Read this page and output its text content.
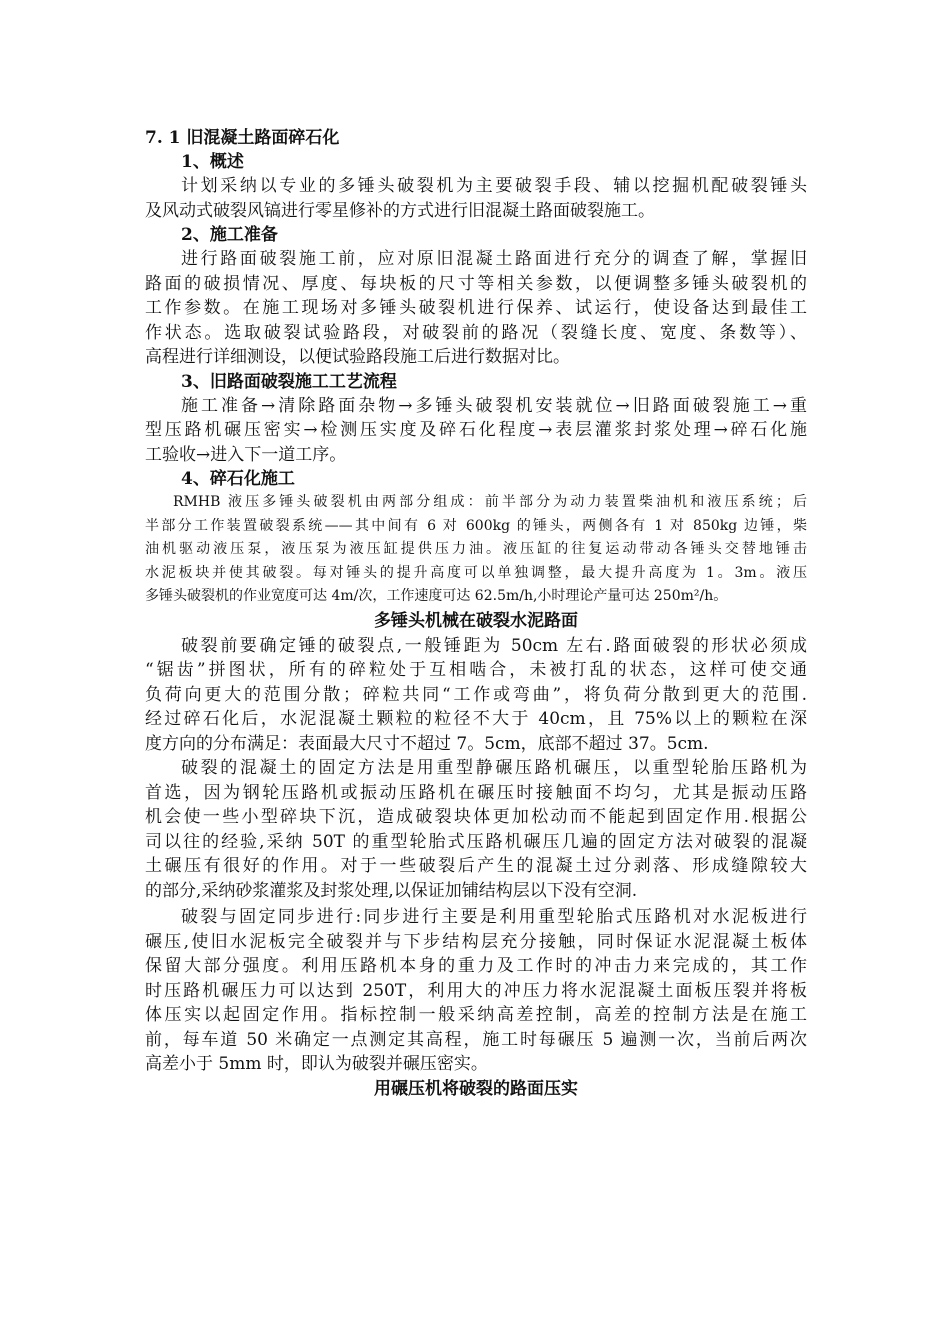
7. 1 旧混凝土路面碎石化
1、概述
计划采纳以专业的多锤头破裂机为主要破裂手段、辅以挖掘机配破裂锤头
及风动式破裂风镐进行零星修补的方式进行旧混凝土路面破裂施工。
2、施工准备
进行路面破裂施工前，应对原旧混凝土路面进行充分的调查了解，掌握旧
路面的破损情况、厚度、每块板的尺寸等相关参数，以便调整多锤头破裂机的
工作参数。在施工现场对多锤头破裂机进行保养、试运行，使设备达到最佳工
作状态。选取破裂试验路段，对破裂前的路况（裂缝长度、宽度、条数等）、
高程进行详细测设，以便试验路段施工后进行数据对比。
3、旧路面破裂施工工艺流程
施工准备→清除路面杂物→多锤头破裂机安装就位→旧路面破裂施工→重
型压路机碾压密实→检测压实度及碎石化程度→表层灌浆封浆处理→碎石化施
工验收→进入下一道工序。
4、碎石化施工
RMHB 液压多锤头破裂机由两部分组成：前半部分为动力装置柴油机和液压系统；后
半部分工作装置破裂系统——其中间有 6 对 600kg 的锤头，两侧各有 1 对 850kg 边锤，柴
油机驱动液压泵，液压泵为液压缸提供压力油。液压缸的往复运动带动各锤头交替地锤击
水泥板块并使其破裂。每对锤头的提升高度可以单独调整，最大提升高度为 1。3m。液压
多锤头破裂机的作业宽度可达 4m/次，工作速度可达 62.5m/h,小时理论产量可达 250m²/h。
多锤头机械在破裂水泥路面
破裂前要确定锤的破裂点,一般锤距为 50cm 左右.路面破裂的形状必须成
“锯齿”拼图状，所有的碎粒处于互相啮合，未被打乱的状态，这样可使交通
负荷向更大的范围分散；碎粒共同“工作或弯曲”，将负荷分散到更大的范围.
经过碎石化后，水泥混凝土颗粒的粒径不大于 40cm，且 75%以上的颗粒在深
度方向的分布满足：表面最大尺寸不超过 7。5cm，底部不超过 37。5cm.
破裂的混凝土的固定方法是用重型静碾压路机碾压，以重型轮胎压路机为
首选，因为钢轮压路机或振动压路机在碾压时接触面不均匀，尤其是振动压路
机会使一些小型碎块下沉，造成破裂块体更加松动而不能起到固定作用.根据公
司以往的经验,采纳 50T 的重型轮胎式压路机碾压几遍的固定方法对破裂的混凝
土碾压有很好的作用。对于一些破裂后产生的混凝土过分剥落、形成缝隙较大
的部分,采纳砂浆灌浆及封浆处理,以保证加铺结构层以下没有空洞.
破裂与固定同步进行:同步进行主要是利用重型轮胎式压路机对水泥板进行
碾压,使旧水泥板完全破裂并与下步结构层充分接触，同时保证水泥混凝土板体
保留大部分强度。利用压路机本身的重力及工作时的冲击力来完成的，其工作
时压路机碾压力可以达到 250T，利用大的冲压力将水泥混凝土面板压裂并将板
体压实以起固定作用。指标控制一般采纳高差控制，高差的控制方法是在施工
前，每车道 50 米确定一点测定其高程，施工时每碾压 5 遍测一次，当前后两次
高差小于 5mm 时，即认为破裂并碾压密实。
用碾压机将破裂的路面压实
